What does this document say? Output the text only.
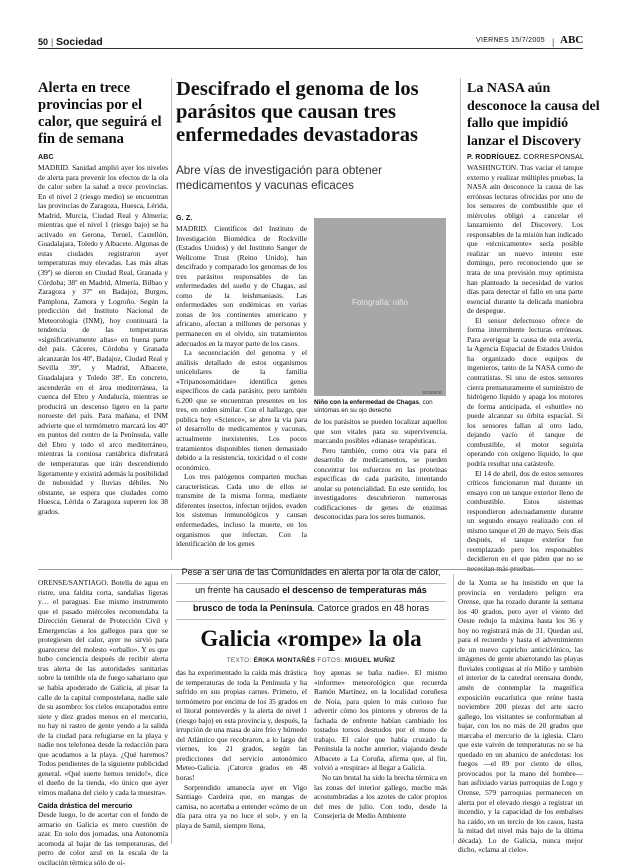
50 | Sociedad	VIERNES 15/7/2005 | ABC
Alerta en trece provincias por el calor, que seguirá el fin de semana
ABC

MADRID. Sanidad amplió ayer los niveles de alerta para prevenir los efectos de la ola de calor sobre la salud a trece provincias. En el nivel 2 (riesgo medio) se encuentran las provincias de Zaragoza, Huesca, Lérida, Madrid, Murcia, Ciudad Real y Almería; mientras que el nivel 1 (riesgo bajo) se ha activado en Gerona, Teruel, Castellón, Guadalajara, Toledo y Albacete. Algunas de estas ciudades registraron ayer temperaturas muy elevadas. Las más altas (39º) se dieron en Ciudad Real, Granada y Córdoba; 38º en Madrid, Almería, Bilbao y Zaragoza y 37º en Badajoz, Burgos, Pamplona, Zamora y Logroño. Según la predicción del Instituto Nacional de Meteorología (INM), hoy continuará la tendencia de las temperaturas «significativamente altas» en buena parte del país. Cáceres, Córdoba y Granada alcanzarán los 40º, Badajoz, Ciudad Real y Sevilla 39º, y Madrid, Albacete, Guadalajara y Toledo 38º. En concreto, ascenderán en el área mediterránea, la cuenca del Ebro y Andalucía, mientras se producirá un descenso ligero en la parte noroeste del país. Para mañana, el INM advierte que el termómetro marcará los 40º en puntos del centro de la Península, valle del Ebro y todo el arco mediterráneo, mientras la corniosa cantábrica disfrutará de temperaturas que irán descendiendo ligeramente y existirá además la posibilidad de nubosidad y lluvias débiles. No obstante, se espera que ciudades como Huesca, Lérida o Zaragoza superen los 38 grados.

Descifrado el genoma de los parásitos que causan tres enfermedades devastadoras
Abre vías de investigación para obtener medicamentos y vacunas eficaces
G. Z.

MADRID. Científicos del Instituto de Investigación Biomédica de Rockville (Estados Unidos) y del Instituto Sanger de Wellcome Trust (Reino Unido), han descifrado y comparado los genomas de los tres parásitos responsables de las enfermedades del sueño y de Chagas, así como de la leishmaniasis. Las enfermedades son endémicas en varias zonas de los continentes americano y africano, afectan a millones de personas y permanecen en el olvido, sin tratamientos adecuados en la mayor parte de los casos.

La secuenciación del genoma y el análisis detallado de estos organismos unicelulares de la familia «Tripanosomátidae» identifica genes específicos de cada parásito, pero también 6.200 que se encuentran presentes en los tres, en orden similar. Con el hallazgo, que publica hoy «Science», se abre la vía para el desarrollo de medicamentos y vacunas, actualmente inexistentes. Los pocos tratamientos disponibles tienen demasiado debido a la resistencia, toxicidad o el coste económico.

Los tres patógenos comparten muchas características. Cada uno de ellos se transmite de la misma forma, mediante diferentes insectos, infectan tejidos, evaden los sistemas inmunológicos y causan enfermedades, incluso la muerte, en los organismos que infectan. Con la identificación de los genes

Fotografía: niño
SCIENCE
Niño con la enfermedad de Chagas, con síntomas en su ojo derecho

de los parásitos se pueden localizar aquellos que son vitales para su supervivencia, marcando posibles «dianas» terapéuticas.

Pero también, como otra vía para el desarrollo de medicamentos, se pueden concentrar los esfuerzos en las proteínas específicas de cada parásito, intentando anular su potencialidad. En este sentido, los investigadores descubrieron numerosas codificaciones de genes de enzimas desconocidas para los seres humanos.

La NASA aún desconoce la causa del fallo que impidió lanzar el Discovery
P. RODRÍGUEZ. CORRESPONSAL

WASHINGTON. Tras vaciar el tanque externo y realizar múltiples pruebas, la NASA aún desconoce la causa de las erróneas lecturas ofrecidas por uno de los sensores de combustible que el miércoles obligó a cancelar el lanzamiento del Discovery. Los responsables de la misión han indicado que «técnicamente» sería posible realizar un nuevo intento este domingo, pero reconociendo que se trata de una previsión muy optimista han planteado la necesidad de varios días para detectar el fallo en una parte esencial durante la delicada maniobra de despegue.

El sensor defectuoso ofrece de forma intermitente lecturas erróneas. Para averiguar la causa de esta avería, la Agencia Espacial de Estados Unidos ha organizado doce equipos de ingenieros, tanto de la NASA como de contratistas. Si uno de estos sensores cierra prematuramente el suministro de hidrógeno líquido y apaga los motores de forma anticipada, el «shuttle» no puede alcanzar su órbita espacial. Si los sensores fallan al otro lado, dejando vacío el tanque de combustible, el motor seguiría operando con oxígeno líquido, lo que podría resultar una catástrofe.

El 14 de abril, dos de estos sensores críticos funcionaron mal durante un ensayo con un tanque exterior lleno de combustible. Estos sistemas respondieron adecuadamente durante un segundo ensayo realizado con el mismo tanque el 20 de mayo. Seis días después, el tanque exterior fue reemplazado pero los responsables decidieron en el que piden que no se

Pese a ser una de las Comunidades en alerta por la ola de calor,
un frente ha causado el descenso de temperaturas más
brusco de toda la Península. Catorce grados en 48 horas
Galicia «rompe» la ola
TEXTO: ÉRIKA MONTAÑÉS FOTOS: MIGUEL MUÑIZ

ORENSE/SANTIAGO. Botella de agua en ristre, una faldita corta, sandalias ligeras y… el paraguas. Ese mismo instrumento que el pasado miércoles recomendaba la Dirección General de Protección Civil y Emergencias a los gallegos para que se protegiesen del calor, ayer no sirvió para guarecerse del molesto «orballo». Y es que hubo conciencia después de recibir alerta tras alerta de las autoridades sanitarias sobre la temible ola de fuego sahariano que se había apoderado de Galicia, al pisar la calle de la capital compostelana, nadie sale de su asombro: los cielos encapotados entre siete y diez grados menos en el mercurio, no hay ni rastro de gente yendo a la salida de la ciudad para refugiarse en la playa y nadie nos telefonea desde la redacción para que acudamos a la playa. ¿Qué haremos? Todos pendientes de la siguiente publicidad general. «Qué suerte hemos tenido!», dice el dueño de la tienda, «lo único que ayer vimos mañana del cielo y cada la muestra».

Caída drástica del mercurio

Desde luego, lo de acertar con el fondo de armario en Galicia es mero cuestión de azar. En solo dos jornadas, una Autonomía acomoda al bajar de las temperaturas, del perro de color azul en la escala de la oscilación térmica sólo de oí-

das ha experimentado la caída más drástica de temperaturas de toda la Península y ha sufrido en sus propias carnes. Primero, el termómetro por encima de los 35 grados en el litoral ponteverdés y la alerta de nivel 1 (riesgo bajo) en esta provincia y, después, la irrupción de una masa de aire frío y húmedo del Atlántico que recobraron, a lo largo del viernes, los 21 grados, según las predicciones del servicio autonómico Meteo-Galicia. ¡Catorce grados en 48 horas!

Sorprendido amanecía ayer en Vigo Santiago Cardeira que, en mangas de camisa, no acertaba a entender «cómo de un día para otra ya no luce el sol», y en la playa de Samil, siempre llena,

hoy apenas se baña nadie». El mismo «informe» meteorológico que recuerda Ramón Martínez, en la localidad coruñesa de Noia, para quien lo más curioso fue advertir cómo los pintores y obreros de la fachada de enfrente habían cambiado los tostados torsos desnudos por el mono de trabajo. El calor que había cruzado la Península la noche anterior, viajando desde Albacete a La Coruña, afirma que, al fin, volvió a «respirar» al llegar a Galicia.

No tan brutal ha sido la brecha térmica en las zonas del interior gallego, mucho más acostumbradas a los azotes de calor propios del mes de julio. Con todo, desde la Consejería de Medio Ambiente

de la Xunta se ha insistido en que la provincia en verdadero peligro era Orense, que ha rozado durante la semana los 40 grados, pero ayer el viento del Oeste redujo la máxima hasta los 36 y hoy no registrará más de 31. Quedan así, para el recuerdo y hasta el advenimiento de un nuevo capricho anticiclónico, las imágenes de gente abarrotando las playas fluviales contiguas al río Miño y también el interior de la catedral orensana donde, amén de contemplar la magnífica exposición eucarística que reúne hasta noviembre 200 piezas del arte sacro gallego, los visitantes se conformaban al bajar, con los no más de 20 grados que marcaba el mercurio de la iglesia. Claro que este vaivén de temperaturas no se ha quedado en un abanico de anécdotas: los fuegos —el 89 por ciento de ellos, provocados por la mano del hombre— han asfixiado varias parroquias de Lugo y Orense, 579 parroquias permanecen en alerta por el elevado riesgo a registrar un incendio, y la capacidad de los embalses ha caído, en un tercio de los casos, hasta la mitad del nivel más bajo de la última década). Lo de Galicia, nunca mejor dicho, «clama al cielo».
